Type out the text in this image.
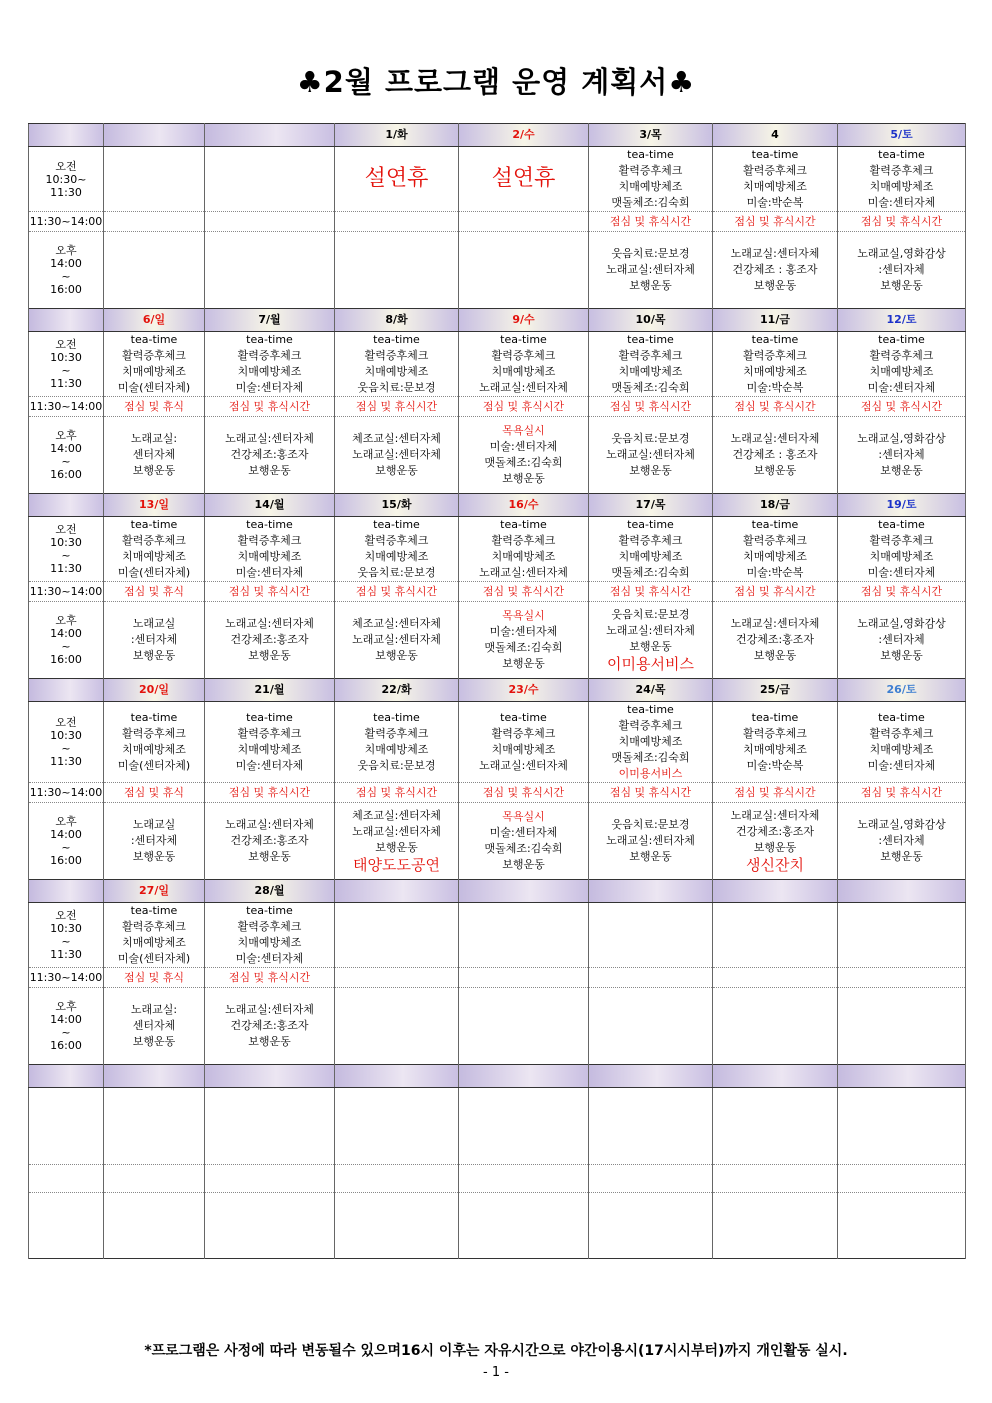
♣2월 프로그램 운영 계획서♣
			1/화	2/수	3/목	4	5/토

오전
10:30~
11:30			설연휴	설연휴	tea-time
활력증후체크
치매예방체조
맷돌체조:김숙희	tea-time
활력증후체크
치매예방체조
미술:박순복	tea-time
활력증후체크
치매예방체조
미술:센터자체

11:30~14:00					점심 및 휴식시간	점심 및 휴식시간	점심 및 휴식시간

오후
14:00
~
16:00					웃음치료:문보경
노래교실:센터자체
보행운동	노래교실:센터자체
건강체조 : 홍조자
보행운동	노래교실,영화감상
:센터자체
보행운동

	6/일	7/월	8/화	9/수	10/목	11/금	12/토

오전
10:30
~
11:30	tea-time
활력증후체크
치매예방체조
미술(센터자체)	tea-time
활력증후체크
치매예방체조
미술:센터자체	tea-time
활력증후체크
치매예방체조
웃음치료:문보경	tea-time
활력증후체크
치매예방체조
노래교실:센터자체	tea-time
활력증후체크
치매예방체조
맷돌체조:김숙희	tea-time
활력증후체크
치매예방체조
미술:박순복	tea-time
활력증후체크
치매예방체조
미술:센터자체

11:30~14:00	점심 및 휴식	점심 및 휴식시간	점심 및 휴식시간	점심 및 휴식시간	점심 및 휴식시간	점심 및 휴식시간	점심 및 휴식시간

오후
14:00
~
16:00	노래교실:
센터자체
보행운동	노래교실:센터자체
건강체조:홍조자
보행운동	체조교실:센터자체
노래교실:센터자체
보행운동	목욕실시
미술:센터자체
맷돌체조:김숙희
보행운동	웃음치료:문보경
노래교실:센터자체
보행운동	노래교실:센터자체
건강체조 : 홍조자
보행운동	노래교실,영화감상
:센터자체
보행운동

	13/일	14/월	15/화	16/수	17/목	18/금	19/토

오전
10:30
~
11:30	tea-time
활력증후체크
치매예방체조
미술(센터자체)	tea-time
활력증후체크
치매예방체조
미술:센터자체	tea-time
활력증후체크
치매예방체조
웃음치료:문보경	tea-time
활력증후체크
치매예방체조
노래교실:센터자체	tea-time
활력증후체크
치매예방체조
맷돌체조:김숙희	tea-time
활력증후체크
치매예방체조
미술:박순복	tea-time
활력증후체크
치매예방체조
미술:센터자체

11:30~14:00	점심 및 휴식	점심 및 휴식시간	점심 및 휴식시간	점심 및 휴식시간	점심 및 휴식시간	점심 및 휴식시간	점심 및 휴식시간

오후
14:00
~
16:00	노래교실
:센터자체
보행운동	노래교실:센터자체
건강체조:홍조자
보행운동	체조교실:센터자체
노래교실:센터자체
보행운동	목욕실시
미술:센터자체
맷돌체조:김숙희
보행운동	웃음치료:문보경
노래교실:센터자체
보행운동
이미용서비스	노래교실:센터자체
건강체조:홍조자
보행운동	노래교실,영화감상
:센터자체
보행운동

	20/일	21/월	22/화	23/수	24/목	25/금	26/토

오전
10:30
~
11:30	tea-time
활력증후체크
치매예방체조
미술(센터자체)	tea-time
활력증후체크
치매예방체조
미술:센터자체	tea-time
활력증후체크
치매예방체조
웃음치료:문보경	tea-time
활력증후체크
치매예방체조
노래교실:센터자체	tea-time
활력증후체크
치매예방체조
맷돌체조:김숙희
이미용서비스	tea-time
활력증후체크
치매예방체조
미술:박순복	tea-time
활력증후체크
치매예방체조
미술:센터자체

11:30~14:00	점심 및 휴식	점심 및 휴식시간	점심 및 휴식시간	점심 및 휴식시간	점심 및 휴식시간	점심 및 휴식시간	점심 및 휴식시간

오후
14:00
~
16:00	노래교실
:센터자체
보행운동	노래교실:센터자체
건강체조:홍조자
보행운동	체조교실:센터자체
노래교실:센터자체
보행운동
태양도도공연	목욕실시
미술:센터자체
맷돌체조:김숙희
보행운동	웃음치료:문보경
노래교실:센터자체
보행운동	노래교실:센터자체
건강체조:홍조자
보행운동
생신잔치	노래교실,영화감상
:센터자체
보행운동

	27/일	28/월					

오전
10:30
~
11:30	tea-time
활력증후체크
치매예방체조
미술(센터자체)	tea-time
활력증후체크
치매예방체조
미술:센터자체					

11:30~14:00	점심 및 휴식	점심 및 휴식시간					

오후
14:00
~
16:00	노래교실:
센터자체
보행운동	노래교실:센터자체
건강체조:홍조자
보행운동					

*프로그램은 사정에 따라 변동될수 있으며16시 이후는 자유시간으로 야간이용시(17시시부터)까지 개인활동 실시.
- 1 -
